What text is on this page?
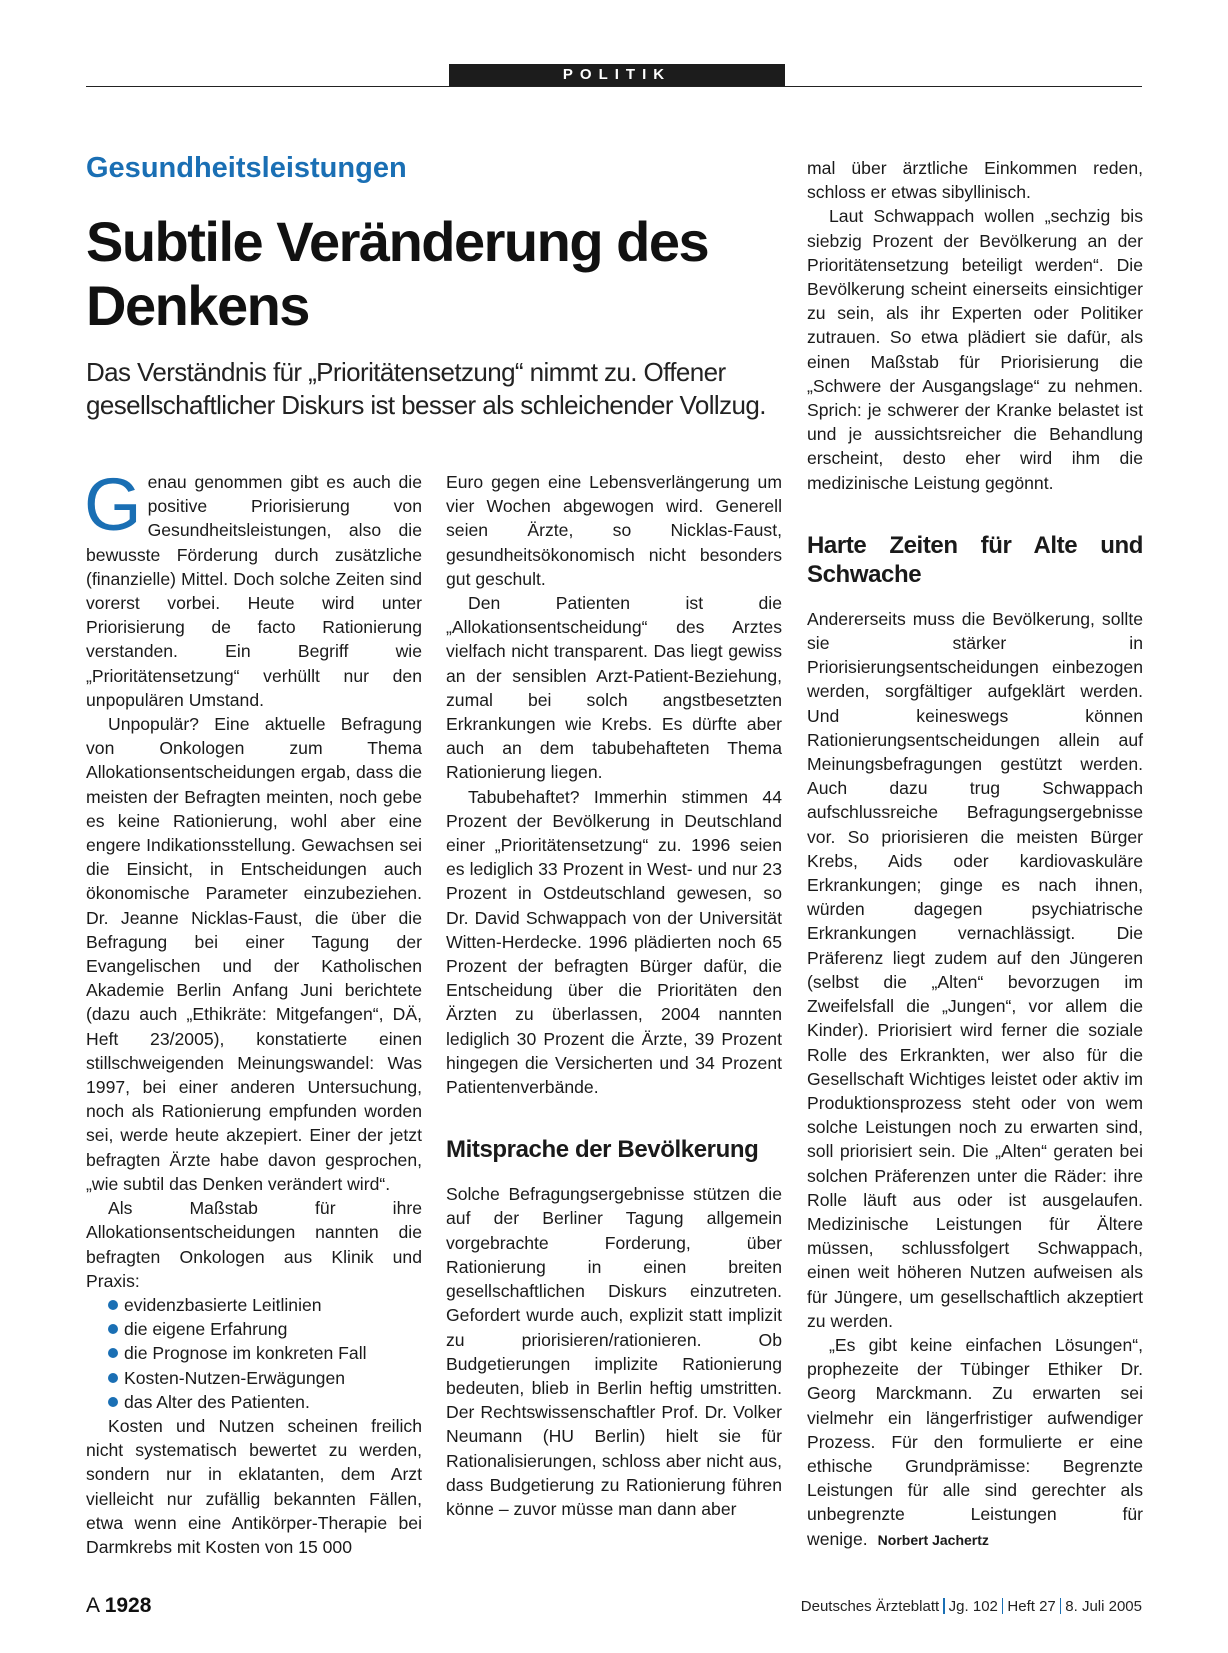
POLITIK
Gesundheitsleistungen
Subtile Veränderung des Denkens
Das Verständnis für „Prioritätensetzung“ nimmt zu. Offener gesellschaftlicher Diskurs ist besser als schleichender Vollzug.

Genau genommen gibt es auch die positive Priorisierung von Gesundheitsleistungen, also die bewusste Förderung durch zusätzliche (finanzielle) Mittel. Doch solche Zeiten sind vorerst vorbei. Heute wird unter Priorisierung de facto Rationierung verstanden. Ein Begriff wie „Prioritätensetzung“ verhüllt nur den unpopulären Umstand.

Unpopulär? Eine aktuelle Befragung von Onkologen zum Thema Allokationsentscheidungen ergab, dass die meisten der Befragten meinten, noch gebe es keine Rationierung, wohl aber eine engere Indikationsstellung. Gewachsen sei die Einsicht, in Entscheidungen auch ökonomische Parameter einzubeziehen. Dr. Jeanne Nicklas-Faust, die über die Befragung bei einer Tagung der Evangelischen und der Katholischen Akademie Berlin Anfang Juni berichtete (dazu auch „Ethikräte: Mitgefangen“, DÄ, Heft 23/2005), konstatierte einen stillschweigenden Meinungswandel: Was 1997, bei einer anderen Untersuchung, noch als Rationierung empfunden worden sei, werde heute akzepiert. Einer der jetzt befragten Ärzte habe davon gesprochen, „wie subtil das Denken verändert wird“.

Als Maßstab für ihre Allokationsentscheidungen nannten die befragten Onkologen aus Klinik und Praxis:

evidenzbasierte Leitlinien
die eigene Erfahrung
die Prognose im konkreten Fall
Kosten-Nutzen-Erwägungen
das Alter des Patienten.

Kosten und Nutzen scheinen freilich nicht systematisch bewertet zu werden, sondern nur in eklatanten, dem Arzt vielleicht nur zufällig bekannten Fällen, etwa wenn eine Antikörper-Therapie bei Darmkrebs mit Kosten von 15 000

Euro gegen eine Lebensverlängerung um vier Wochen abgewogen wird. Generell seien Ärzte, so Nicklas-Faust, gesundheitsökonomisch nicht besonders gut geschult.

Den Patienten ist die „Allokationsentscheidung“ des Arztes vielfach nicht transparent. Das liegt gewiss an der sensiblen Arzt-Patient-Beziehung, zumal bei solch angstbesetzten Erkrankungen wie Krebs. Es dürfte aber auch an dem tabubehafteten Thema Rationierung liegen.

Tabubehaftet? Immerhin stimmen 44 Prozent der Bevölkerung in Deutschland einer „Prioritätensetzung“ zu. 1996 seien es lediglich 33 Prozent in West- und nur 23 Prozent in Ostdeutschland gewesen, so Dr. David Schwappach von der Universität Witten-Herdecke. 1996 plädierten noch 65 Prozent der befragten Bürger dafür, die Entscheidung über die Prioritäten den Ärzten zu überlassen, 2004 nannten lediglich 30 Prozent die Ärzte, 39 Prozent hingegen die Versicherten und 34 Prozent Patientenverbände.

Mitsprache der Bevölkerung

Solche Befragungsergebnisse stützen die auf der Berliner Tagung allgemein vorgebrachte Forderung, über Rationierung in einen breiten gesellschaftlichen Diskurs einzutreten. Gefordert wurde auch, explizit statt implizit zu priorisieren/rationieren. Ob Budgetierungen implizite Rationierung bedeuten, blieb in Berlin heftig umstritten. Der Rechtswissenschaftler Prof. Dr. Volker Neumann (HU Berlin) hielt sie für Rationalisierungen, schloss aber nicht aus, dass Budgetierung zu Rationierung führen könne – zuvor müsse man dann aber

mal über ärztliche Einkommen reden, schloss er etwas sibyllinisch.

Laut Schwappach wollen „sechzig bis siebzig Prozent der Bevölkerung an der Prioritätensetzung beteiligt werden“. Die Bevölkerung scheint einerseits einsichtiger zu sein, als ihr Experten oder Politiker zutrauen. So etwa plädiert sie dafür, als einen Maßstab für Priorisierung die „Schwere der Ausgangslage“ zu nehmen. Sprich: je schwerer der Kranke belastet ist und je aussichtsreicher die Behandlung erscheint, desto eher wird ihm die medizinische Leistung gegönnt.

Harte Zeiten für Alte und Schwache

Andererseits muss die Bevölkerung, sollte sie stärker in Priorisierungsentscheidungen einbezogen werden, sorgfältiger aufgeklärt werden. Und keineswegs können Rationierungsentscheidungen allein auf Meinungsbefragungen gestützt werden. Auch dazu trug Schwappach aufschlussreiche Befragungsergebnisse vor. So priorisieren die meisten Bürger Krebs, Aids oder kardiovaskuläre Erkrankungen; ginge es nach ihnen, würden dagegen psychiatrische Erkrankungen vernachlässigt. Die Präferenz liegt zudem auf den Jüngeren (selbst die „Alten“ bevorzugen im Zweifelsfall die „Jungen“, vor allem die Kinder). Priorisiert wird ferner die soziale Rolle des Erkrankten, wer also für die Gesellschaft Wichtiges leistet oder aktiv im Produktionsprozess steht oder von wem solche Leistungen noch zu erwarten sind, soll priorisiert sein. Die „Alten“ geraten bei solchen Präferenzen unter die Räder: ihre Rolle läuft aus oder ist ausgelaufen. Medizinische Leistungen für Ältere müssen, schlussfolgert Schwappach, einen weit höheren Nutzen aufweisen als für Jüngere, um gesellschaftlich akzeptiert zu werden.

„Es gibt keine einfachen Lösungen“, prophezeite der Tübinger Ethiker Dr. Georg Marckmann. Zu erwarten sei vielmehr ein längerfristiger aufwendiger Prozess. Für den formulierte er eine ethische Grundprämisse: Begrenzte Leistungen für alle sind gerechter als unbegrenzte Leistungen für wenige. Norbert Jachertz

A 1928	Deutsches Ärzteblatt Jg. 102 Heft 27 8. Juli 2005
